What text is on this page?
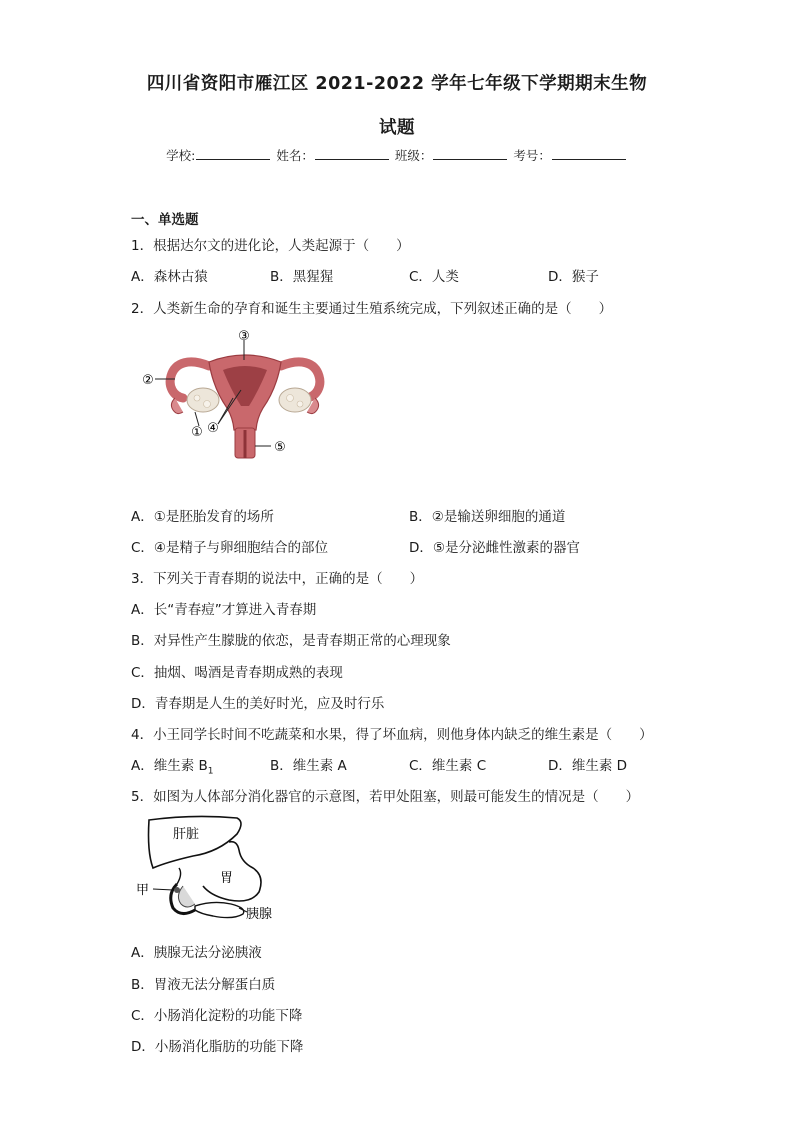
四川省资阳市雁江区 2021-2022 学年七年级下学期期末生物
试题
学校:	姓名：	班级：	考号：
一、单选题
1．根据达尔文的进化论，人类起源于（　　）
A．森林古猿	B．黑猩猩	C．人类	D．猴子
2．人类新生命的孕育和诞生主要通过生殖系统完成，下列叙述正确的是（　　）
③
②
① ④
⑤
A．①是胚胎发育的场所	B．②是输送卵细胞的通道
C．④是精子与卵细胞结合的部位	D．⑤是分泌雌性激素的器官
3．下列关于青春期的说法中，正确的是（　　）
A．长“青春痘”才算进入青春期
B．对异性产生朦胧的依恋，是青春期正常的心理现象
C．抽烟、喝酒是青春期成熟的表现
D．青春期是人生的美好时光，应及时行乐
4．小王同学长时间不吃蔬菜和水果，得了坏血病，则他身体内缺乏的维生素是（　　）
A．维生素 $B_1$	B．维生素 A	C．维生素 C	D．维生素 D
5．如图为人体部分消化器官的示意图，若甲处阻塞，则最可能发生的情况是（　　）
肝脏
胃
甲
胰腺
A．胰腺无法分泌胰液
B．胃液无法分解蛋白质
C．小肠消化淀粉的功能下降
D．小肠消化脂肪的功能下降
